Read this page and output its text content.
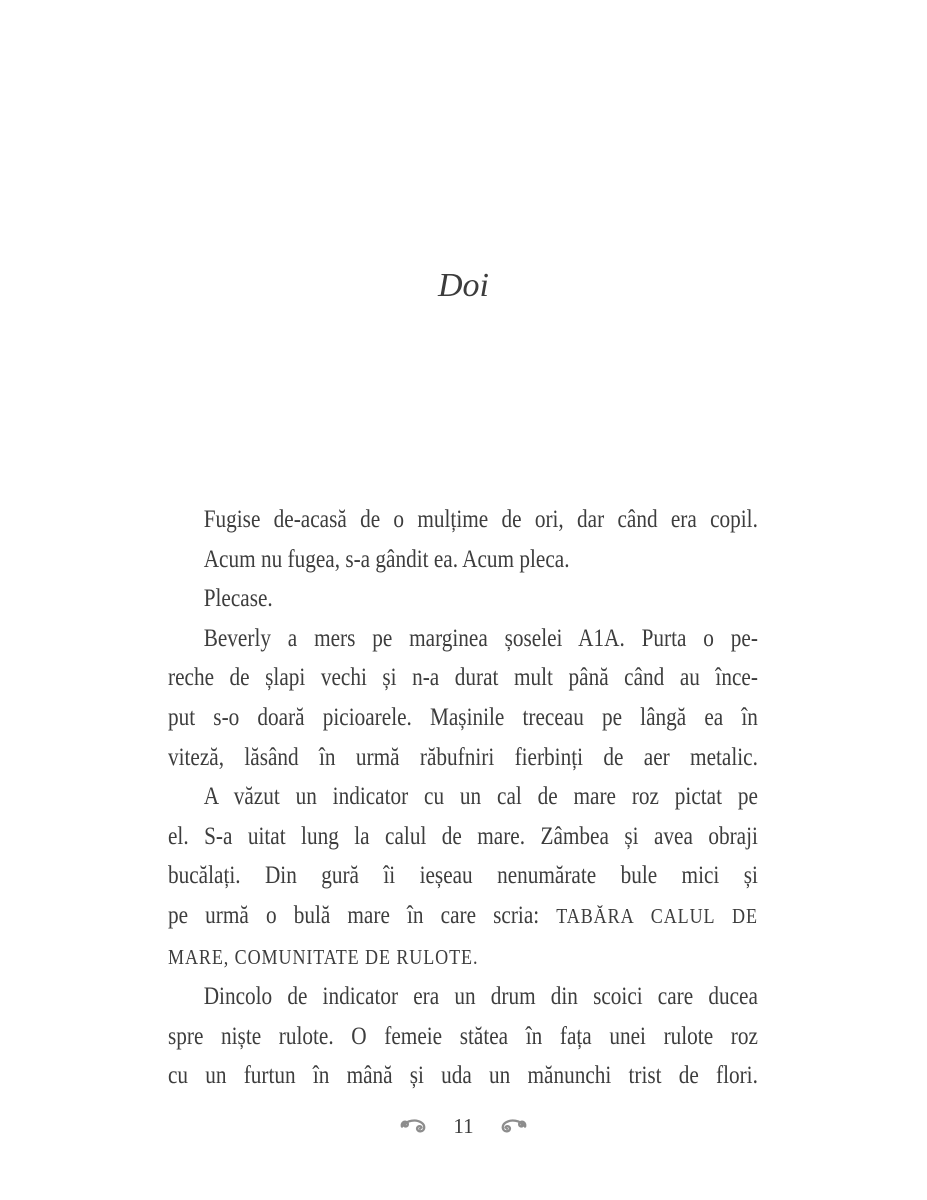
Doi
Fugise de-acasă de o mulțime de ori, dar când era copil.
Acum nu fugea, s-a gândit ea. Acum pleca.
Plecase.
Beverly a mers pe marginea șoselei A1A. Purta o pe-
reche de șlapi vechi și n-a durat mult până când au înce-
put s-o doară picioarele. Mașinile treceau pe lângă ea în
viteză, lăsând în urmă răbufniri fierbinți de aer metalic.
A văzut un indicator cu un cal de mare roz pictat pe
el. S-a uitat lung la calul de mare. Zâmbea și avea obraji
bucălați. Din gură îi ieșeau nenumărate bule mici și
pe urmă o bulă mare în care scria: TABĂRA CALUL DE
MARE, COMUNITATE DE RULOTE.
Dincolo de indicator era un drum din scoici care ducea
spre niște rulote. O femeie stătea în fața unei rulote roz
cu un furtun în mână și uda un mănunchi trist de flori.
11
